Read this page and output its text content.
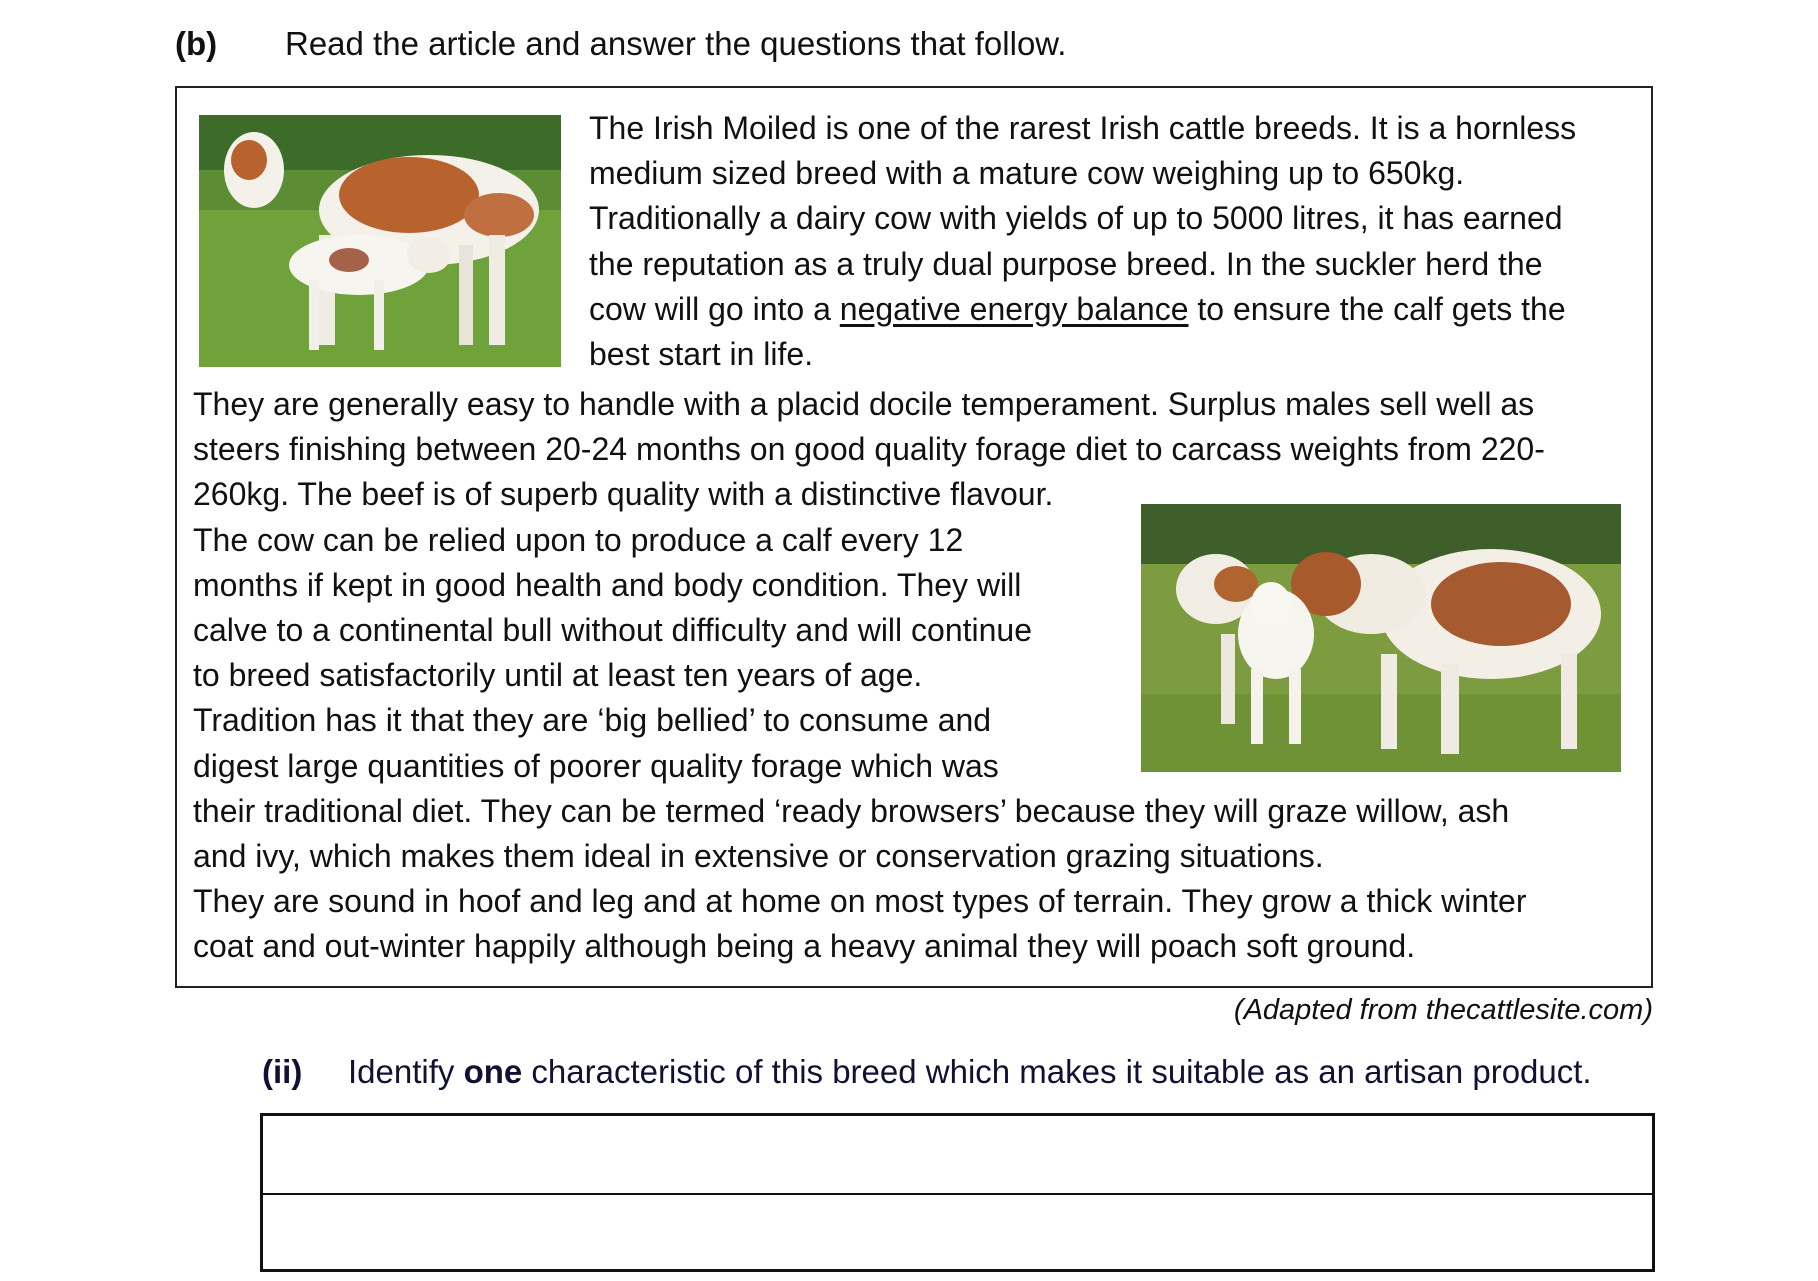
(b) Read the article and answer the questions that follow.

The Irish Moiled is one of the rarest Irish cattle breeds. It is a hornless
medium sized breed with a mature cow weighing up to 650kg.
Traditionally a dairy cow with yields of up to 5000 litres, it has earned
the reputation as a truly dual purpose breed. In the suckler herd the
cow will go into a negative energy balance to ensure the calf gets the
best start in life.

They are generally easy to handle with a placid docile temperament. Surplus males sell well as
steers finishing between 20-24 months on good quality forage diet to carcass weights from 220-
260kg. The beef is of superb quality with a distinctive flavour.
The cow can be relied upon to produce a calf every 12
months if kept in good health and body condition. They will
calve to a continental bull without difficulty and will continue
to breed satisfactorily until at least ten years of age.
Tradition has it that they are ‘big bellied’ to consume and
digest large quantities of poorer quality forage which was
their traditional diet. They can be termed ‘ready browsers’ because they will graze willow, ash
and ivy, which makes them ideal in extensive or conservation grazing situations.
They are sound in hoof and leg and at home on most types of terrain. They grow a thick winter
coat and out-winter happily although being a heavy animal they will poach soft ground.

(Adapted from thecattlesite.com)
(ii) Identify one characteristic of this breed which makes it suitable as an artisan product.
